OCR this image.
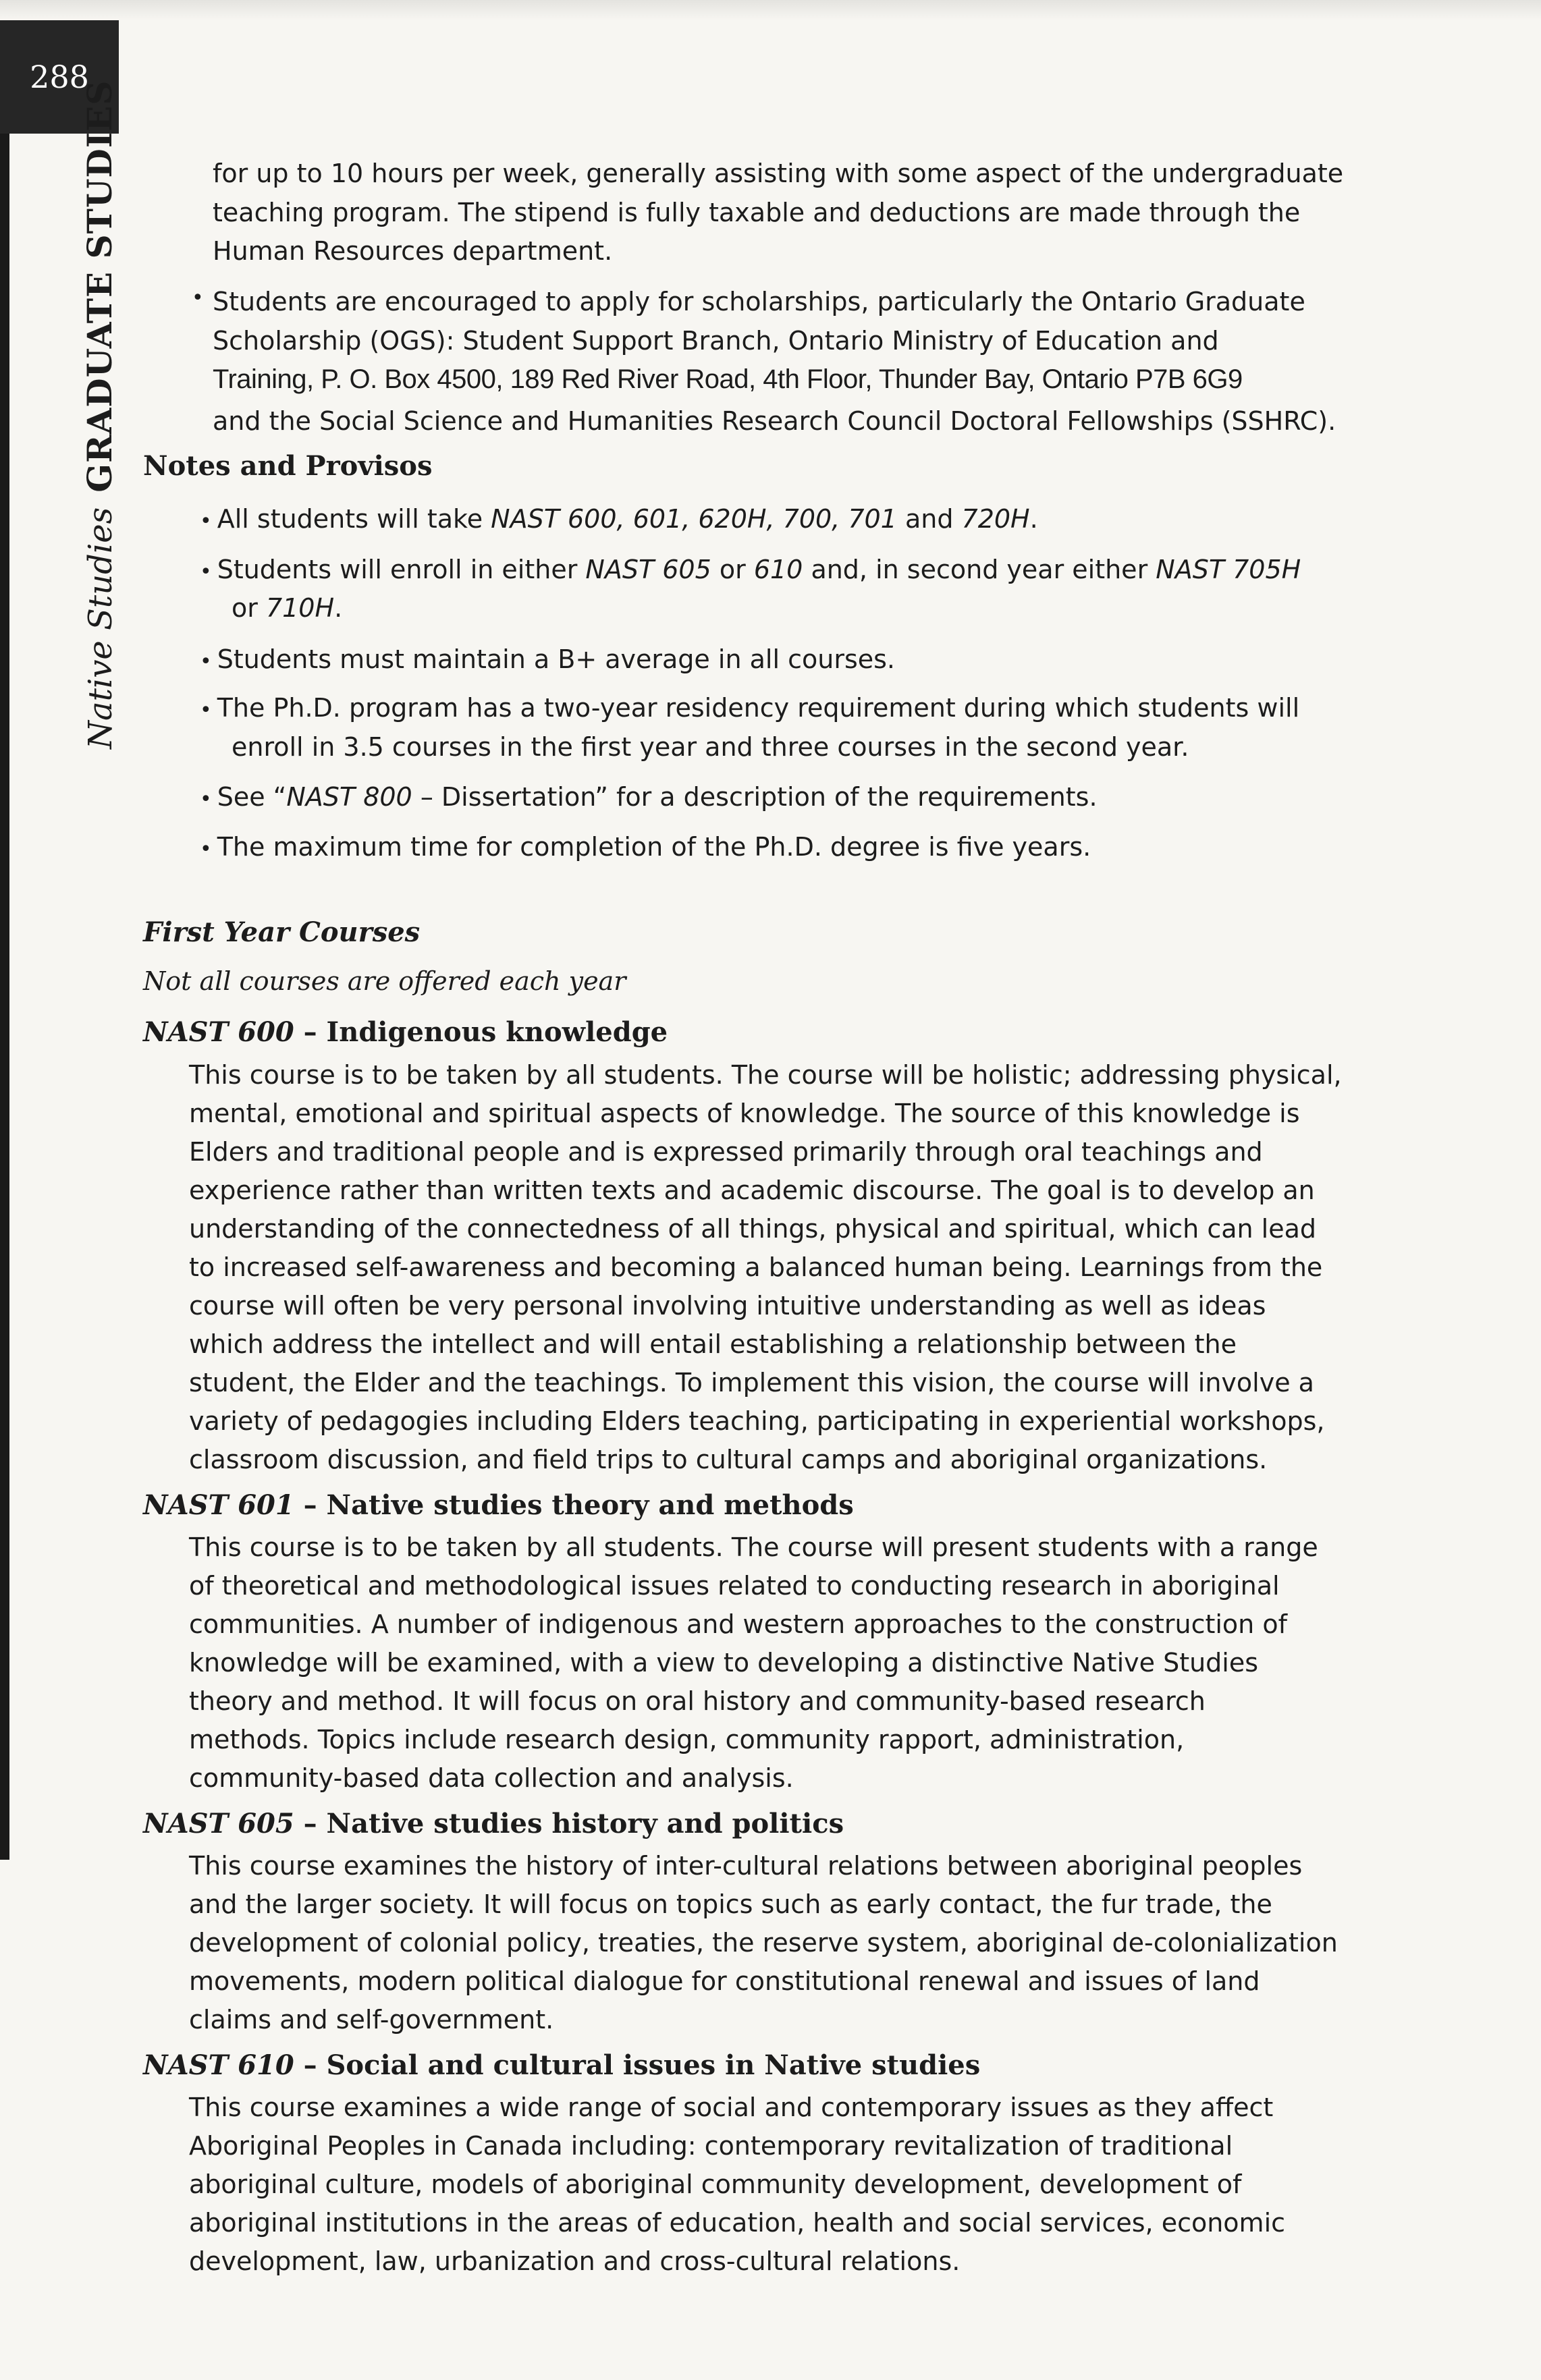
288
Native StudiesGRADUATE STUDIES	for up to 10 hours per week, generally assisting with some aspect of the undergraduate
teaching program. The stipend is fully taxable and deductions are made through the
Human Resources department.
• Students are encouraged to apply for scholarships, particularly the Ontario Graduate
Scholarship (OGS): Student Support Branch, Ontario Ministry of Education and
Training, P. O. Box 4500, 189 Red River Road, 4th Floor, Thunder Bay, Ontario P7B 6G9
and the Social Science and Humanities Research Council Doctoral Fellowships (SSHRC).
Notes and Provisos
• All students will take NAST 600, 601, 620H, 700, 701 and 720H.
• Students will enroll in either NAST 605 or 610 and, in second year either NAST 705H
or 710H.
• Students must maintain a B+ average in all courses.
• The Ph.D. program has a two-year residency requirement during which students will
enroll in 3.5 courses in the first year and three courses in the second year.
• See “NAST 800 – Dissertation” for a description of the requirements.
• The maximum time for completion of the Ph.D. degree is five years.
First Year Courses
Not all courses are offered each year
NAST 600 – Indigenous knowledge
This course is to be taken by all students. The course will be holistic; addressing physical,
mental, emotional and spiritual aspects of knowledge. The source of this knowledge is
Elders and traditional people and is expressed primarily through oral teachings and
experience rather than written texts and academic discourse. The goal is to develop an
understanding of the connectedness of all things, physical and spiritual, which can lead
to increased self-awareness and becoming a balanced human being. Learnings from the
course will often be very personal involving intuitive understanding as well as ideas
which address the intellect and will entail establishing a relationship between the
student, the Elder and the teachings. To implement this vision, the course will involve a
variety of pedagogies including Elders teaching, participating in experiential workshops,
classroom discussion, and field trips to cultural camps and aboriginal organizations.
NAST 601 – Native studies theory and methods
This course is to be taken by all students. The course will present students with a range
of theoretical and methodological issues related to conducting research in aboriginal
communities. A number of indigenous and western approaches to the construction of
knowledge will be examined, with a view to developing a distinctive Native Studies
theory and method. It will focus on oral history and community-based research
methods. Topics include research design, community rapport, administration,
community-based data collection and analysis.
NAST 605 – Native studies history and politics
This course examines the history of inter-cultural relations between aboriginal peoples
and the larger society. It will focus on topics such as early contact, the fur trade, the
development of colonial policy, treaties, the reserve system, aboriginal de-colonialization
movements, modern political dialogue for constitutional renewal and issues of land
claims and self-government.
NAST 610 – Social and cultural issues in Native studies
This course examines a wide range of social and contemporary issues as they affect
Aboriginal Peoples in Canada including: contemporary revitalization of traditional
aboriginal culture, models of aboriginal community development, development of
aboriginal institutions in the areas of education, health and social services, economic
development, law, urbanization and cross-cultural relations.
